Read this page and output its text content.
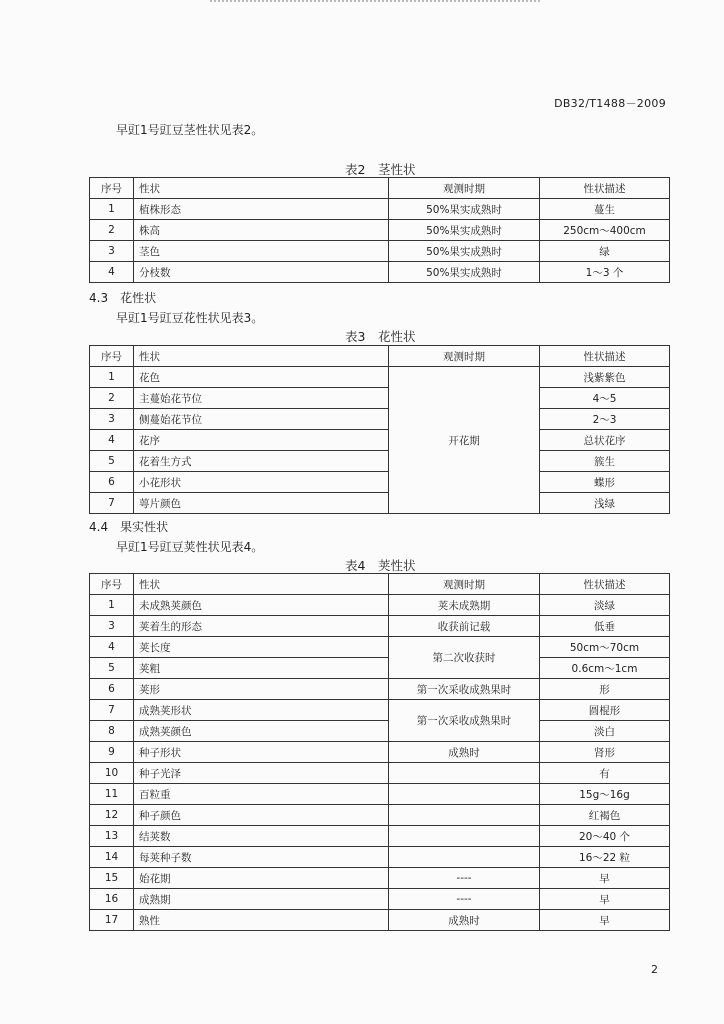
DB32/T1488－2009
早豇1号豇豆茎性状见表2。
表2　茎性状
序号	性状	观测时期	性状描述
1	植株形态	50%果实成熟时	蔓生
2	株高	50%果实成熟时	250cm～400cm
3	茎色	50%果实成熟时	绿
4	分枝数	50%果实成熟时	1～3 个
4.3　花性状
早豇1号豇豆花性状见表3。
表3　花性状
序号	性状	观测时期	性状描述
1	花色	开花期	浅紫紫色
2	主蔓始花节位		4～5
3	侧蔓始花节位		2～3
4	花序		总状花序
5	花着生方式		簇生
6	小花形状		蝶形
7	萼片颜色		浅绿
4.4　果实性状
早豇1号豇豆荚性状见表4。
表4　荚性状
序号	性状	观测时期	性状描述
1	未成熟荚颜色	荚未成熟期	淡绿
3	荚着生的形态	收获前记载	低垂
4	荚长度	第二次收获时	50cm～70cm
5	荚粗		0.6cm～1cm
6	荚形	第一次采收成熟果时	形
7	成熟荚形状	第一次采收成熟果时	圆棍形
8	成熟荚颜色		淡白
9	种子形状	成熟时	肾形
10	种子光泽		有
11	百粒重		15g～16g
12	种子颜色		红褐色
13	结荚数		20～40 个
14	每荚种子数		16～22 粒
15	始花期	----	早
16	成熟期	----	早
17	熟性	成熟时	早
2
